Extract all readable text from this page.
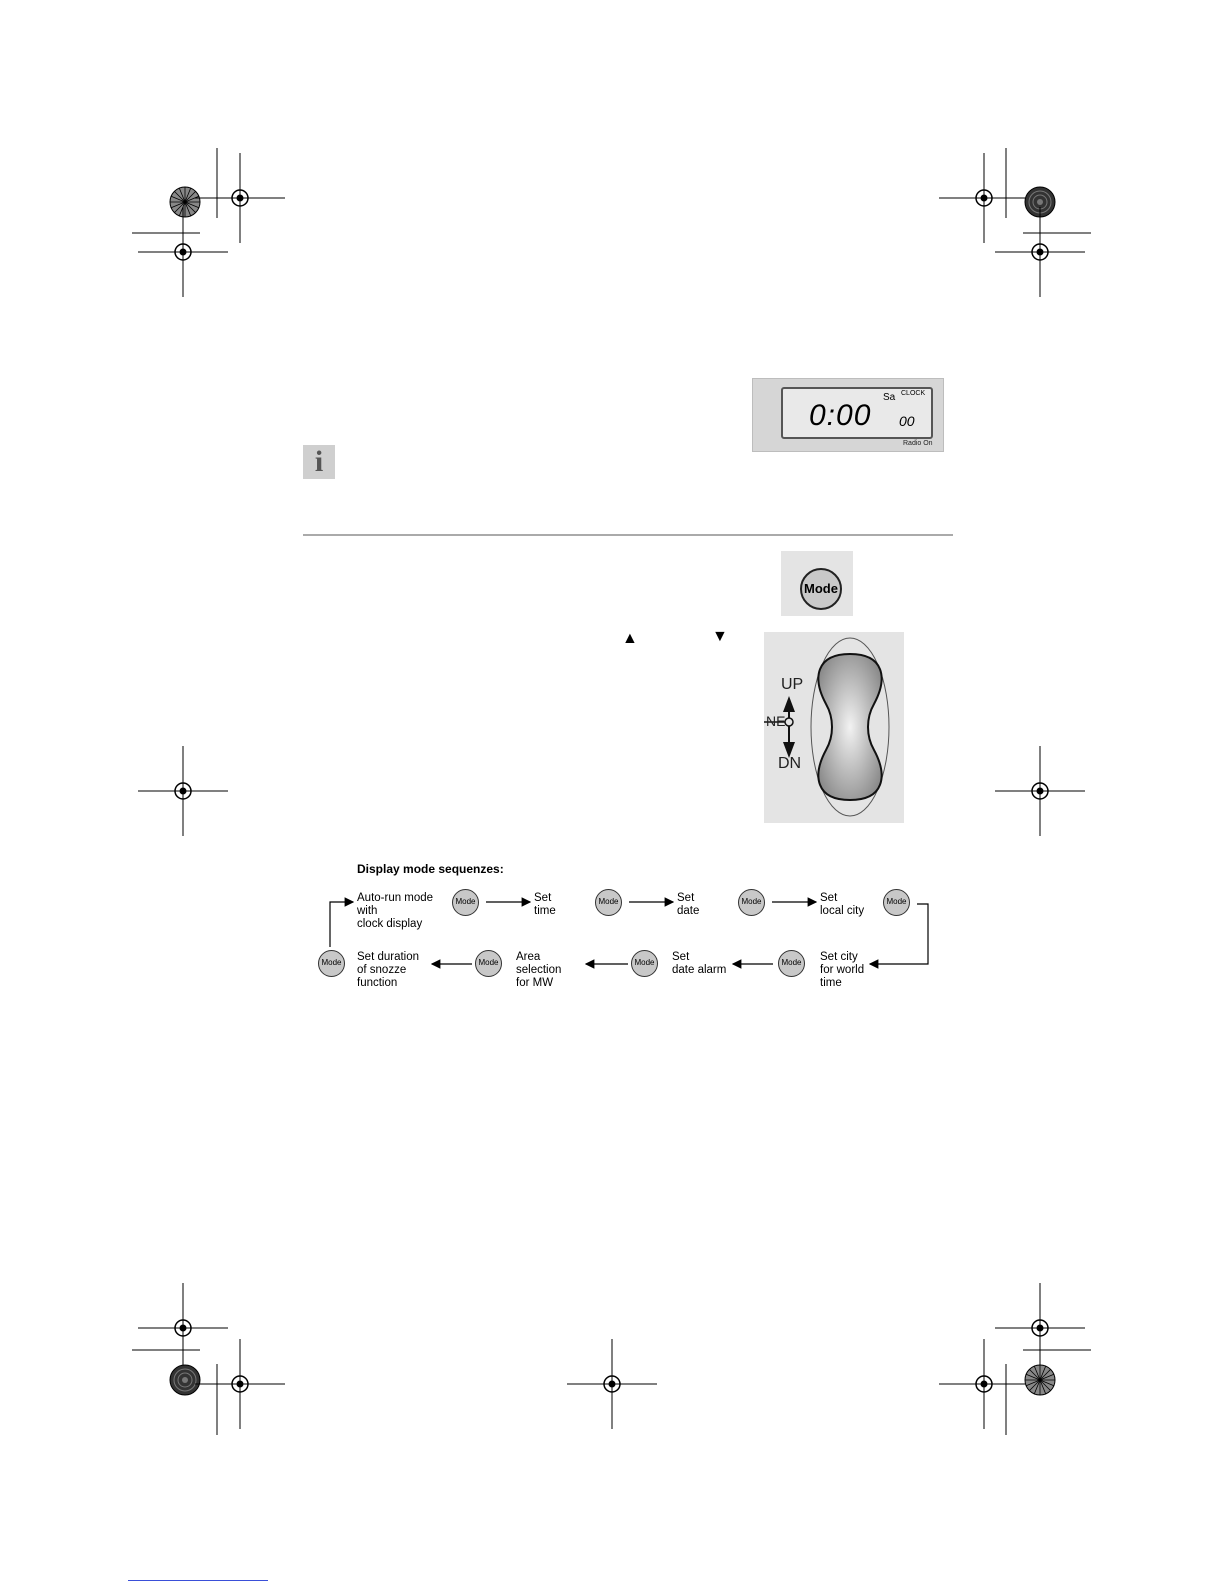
Sa CLOCK
0:00 00
Radio On
i
Mode
▲	▼
UP
NE
DN
Display mode sequenzes:
Auto-run mode
with
clock display
Mode	Set
time
Mode	Set
date
Mode	Set
local city
Mode
Mode	Set duration
of snozze
function
Mode	Area
selection
for MW
Mode	Set
date alarm
Mode	Set city
for world
time
